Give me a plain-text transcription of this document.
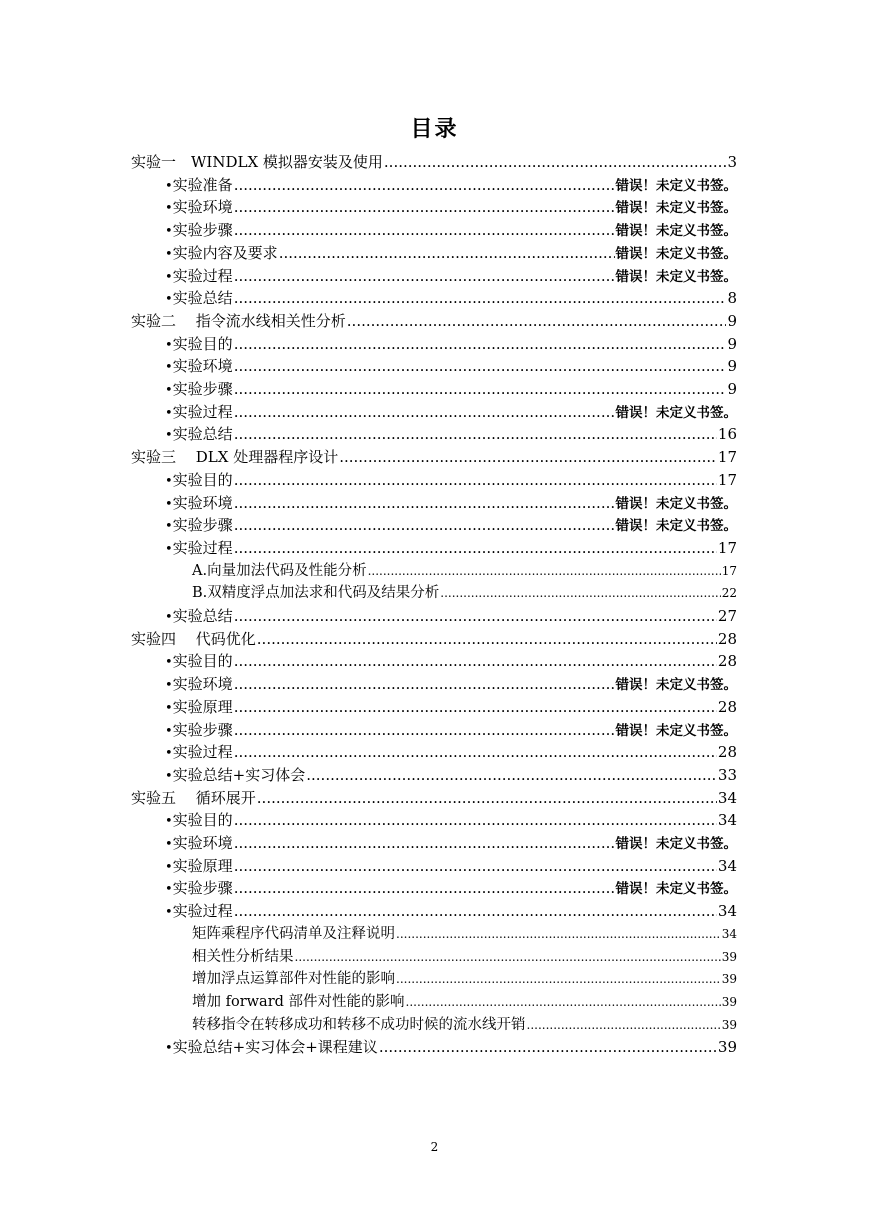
目录
实验一　WINDLX 模拟器安装及使用 .....	3
• 实验准备 .....	错误！未定义书签。
• 实验环境 .....	错误！未定义书签。
• 实验步骤 .....	错误！未定义书签。
• 实验内容及要求 .....	错误！未定义书签。
• 实验过程 .....	错误！未定义书签。
• 实验总结 .....	8
实验二　 指令流水线相关性分析 .....	9
• 实验目的 .....	9
• 实验环境 .....	9
• 实验步骤 .....	9
• 实验过程 .....	错误！未定义书签。
• 实验总结 .....	16
实验三　 DLX 处理器程序设计 .....	17
• 实验目的 .....	17
• 实验环境 .....	错误！未定义书签。
• 实验步骤 .....	错误！未定义书签。
• 实验过程 .....	17
A.向量加法代码及性能分析 .....	17
B.双精度浮点加法求和代码及结果分析 .....	22
• 实验总结 .....	27
实验四　 代码优化 .....	28
• 实验目的 .....	28
• 实验环境 .....	错误！未定义书签。
• 实验原理 .....	28
• 实验步骤 .....	错误！未定义书签。
• 实验过程 .....	28
• 实验总结+实习体会 .....	33
实验五　 循环展开 .....	34
• 实验目的 .....	34
• 实验环境 .....	错误！未定义书签。
• 实验原理 .....	34
• 实验步骤 .....	错误！未定义书签。
• 实验过程 .....	34
矩阵乘程序代码清单及注释说明 .....	34
相关性分析结果 .....	39
增加浮点运算部件对性能的影响 .....	39
增加 forward 部件对性能的影响 .....	39
转移指令在转移成功和转移不成功时候的流水线开销 .....	39
• 实验总结+实习体会+课程建议 .....	39
2
